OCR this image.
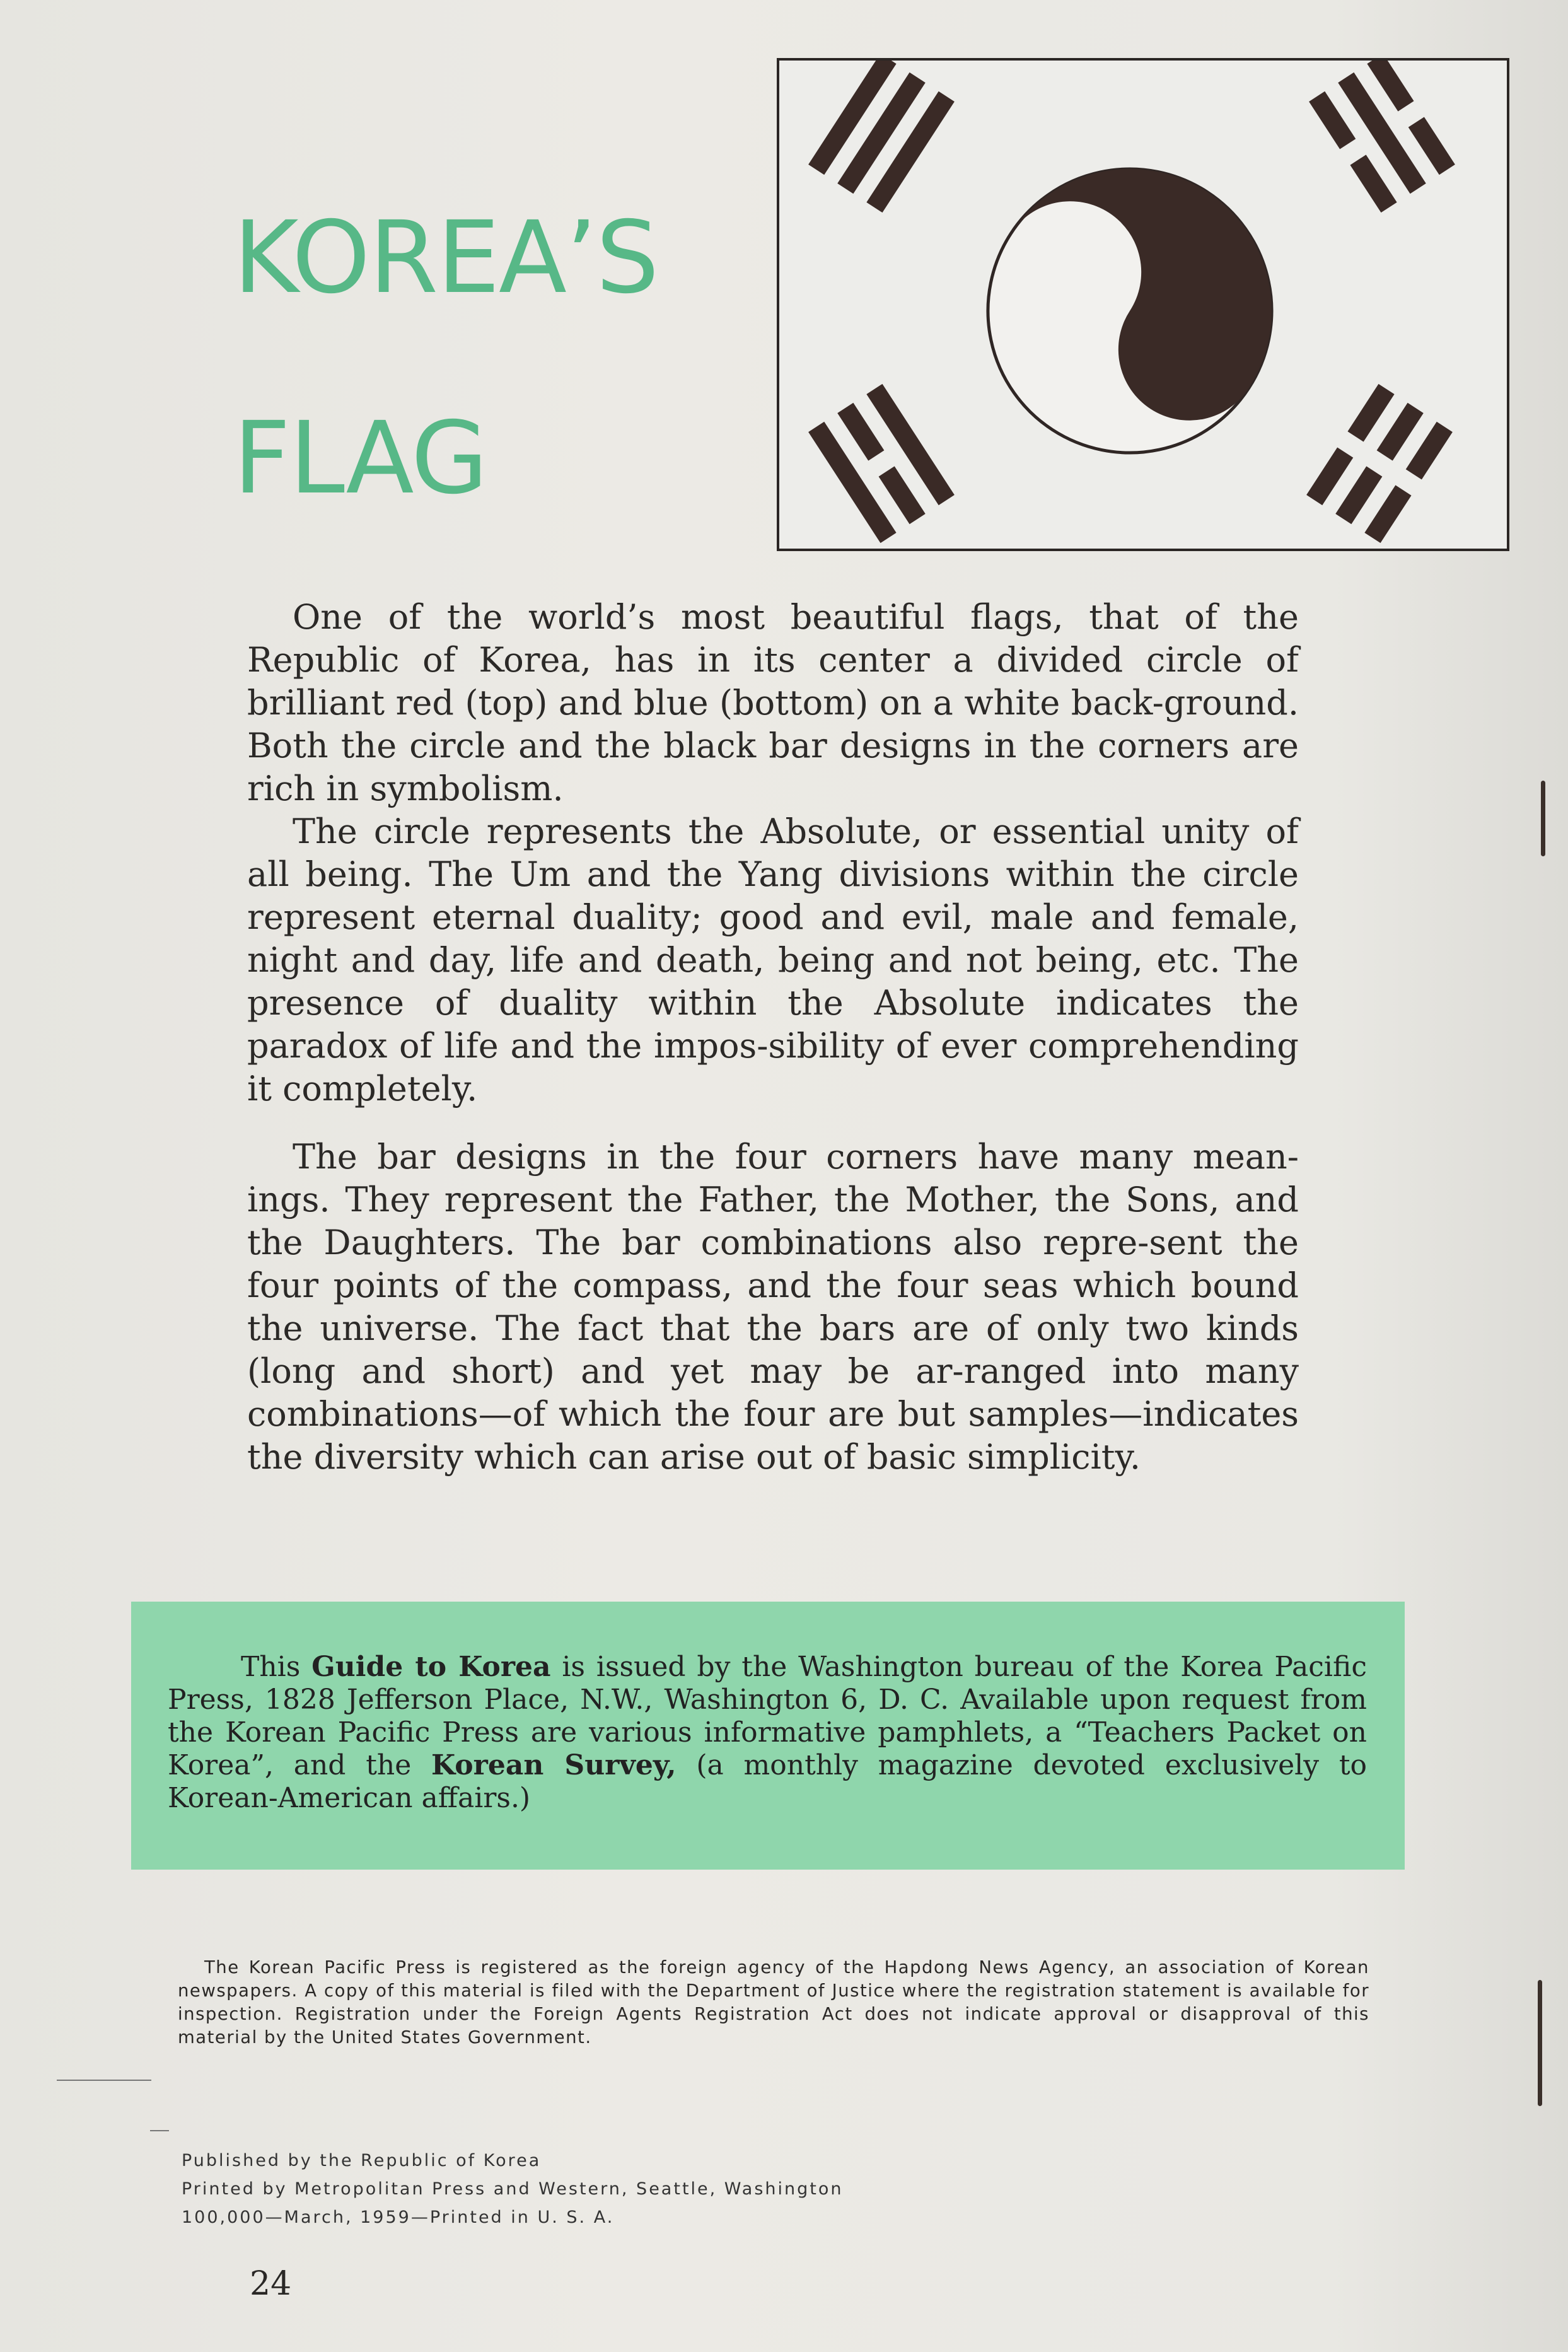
KOREA’S
FLAG

One of the world’s most beautiful flags, that of the Republic of Korea, has in its center a divided circle of brilliant red (top) and blue (bottom) on a white back-ground. Both the circle and the black bar designs in the corners are rich in symbolism.

The circle represents the Absolute, or essential unity of all being. The Um and the Yang divisions within the circle represent eternal duality; good and evil, male and female, night and day, life and death, being and not being, etc. The presence of duality within the Absolute indicates the paradox of life and the impos-sibility of ever comprehending it completely.

The bar designs in the four corners have many mean-ings. They represent the Father, the Mother, the Sons, and the Daughters. The bar combinations also repre-sent the four points of the compass, and the four seas which bound the universe. The fact that the bars are of only two kinds (long and short) and yet may be ar-ranged into many combinations—of which the four are but samples—indicates the diversity which can arise out of basic simplicity.

This Guide to Korea is issued by the Washington bureau of the Korea Pacific Press, 1828 Jefferson Place, N.W., Washington 6, D. C. Available upon request from the Korean Pacific Press are various informative pamphlets, a “Teachers Packet on Korea”, and the Korean Survey, (a monthly magazine devoted exclusively to Korean-American affairs.)

The Korean Pacific Press is registered as the foreign agency of the Hapdong News Agency, an association of Korean newspapers. A copy of this material is filed with the Department of Justice where the registration statement is available for inspection. Registration under the Foreign Agents Registration Act does not indicate approval or disapproval of this material by the United States Government.

Published by the Republic of Korea
Printed by Metropolitan Press and Western, Seattle, Washington
100,000—March, 1959—Printed in U. S. A.
24
